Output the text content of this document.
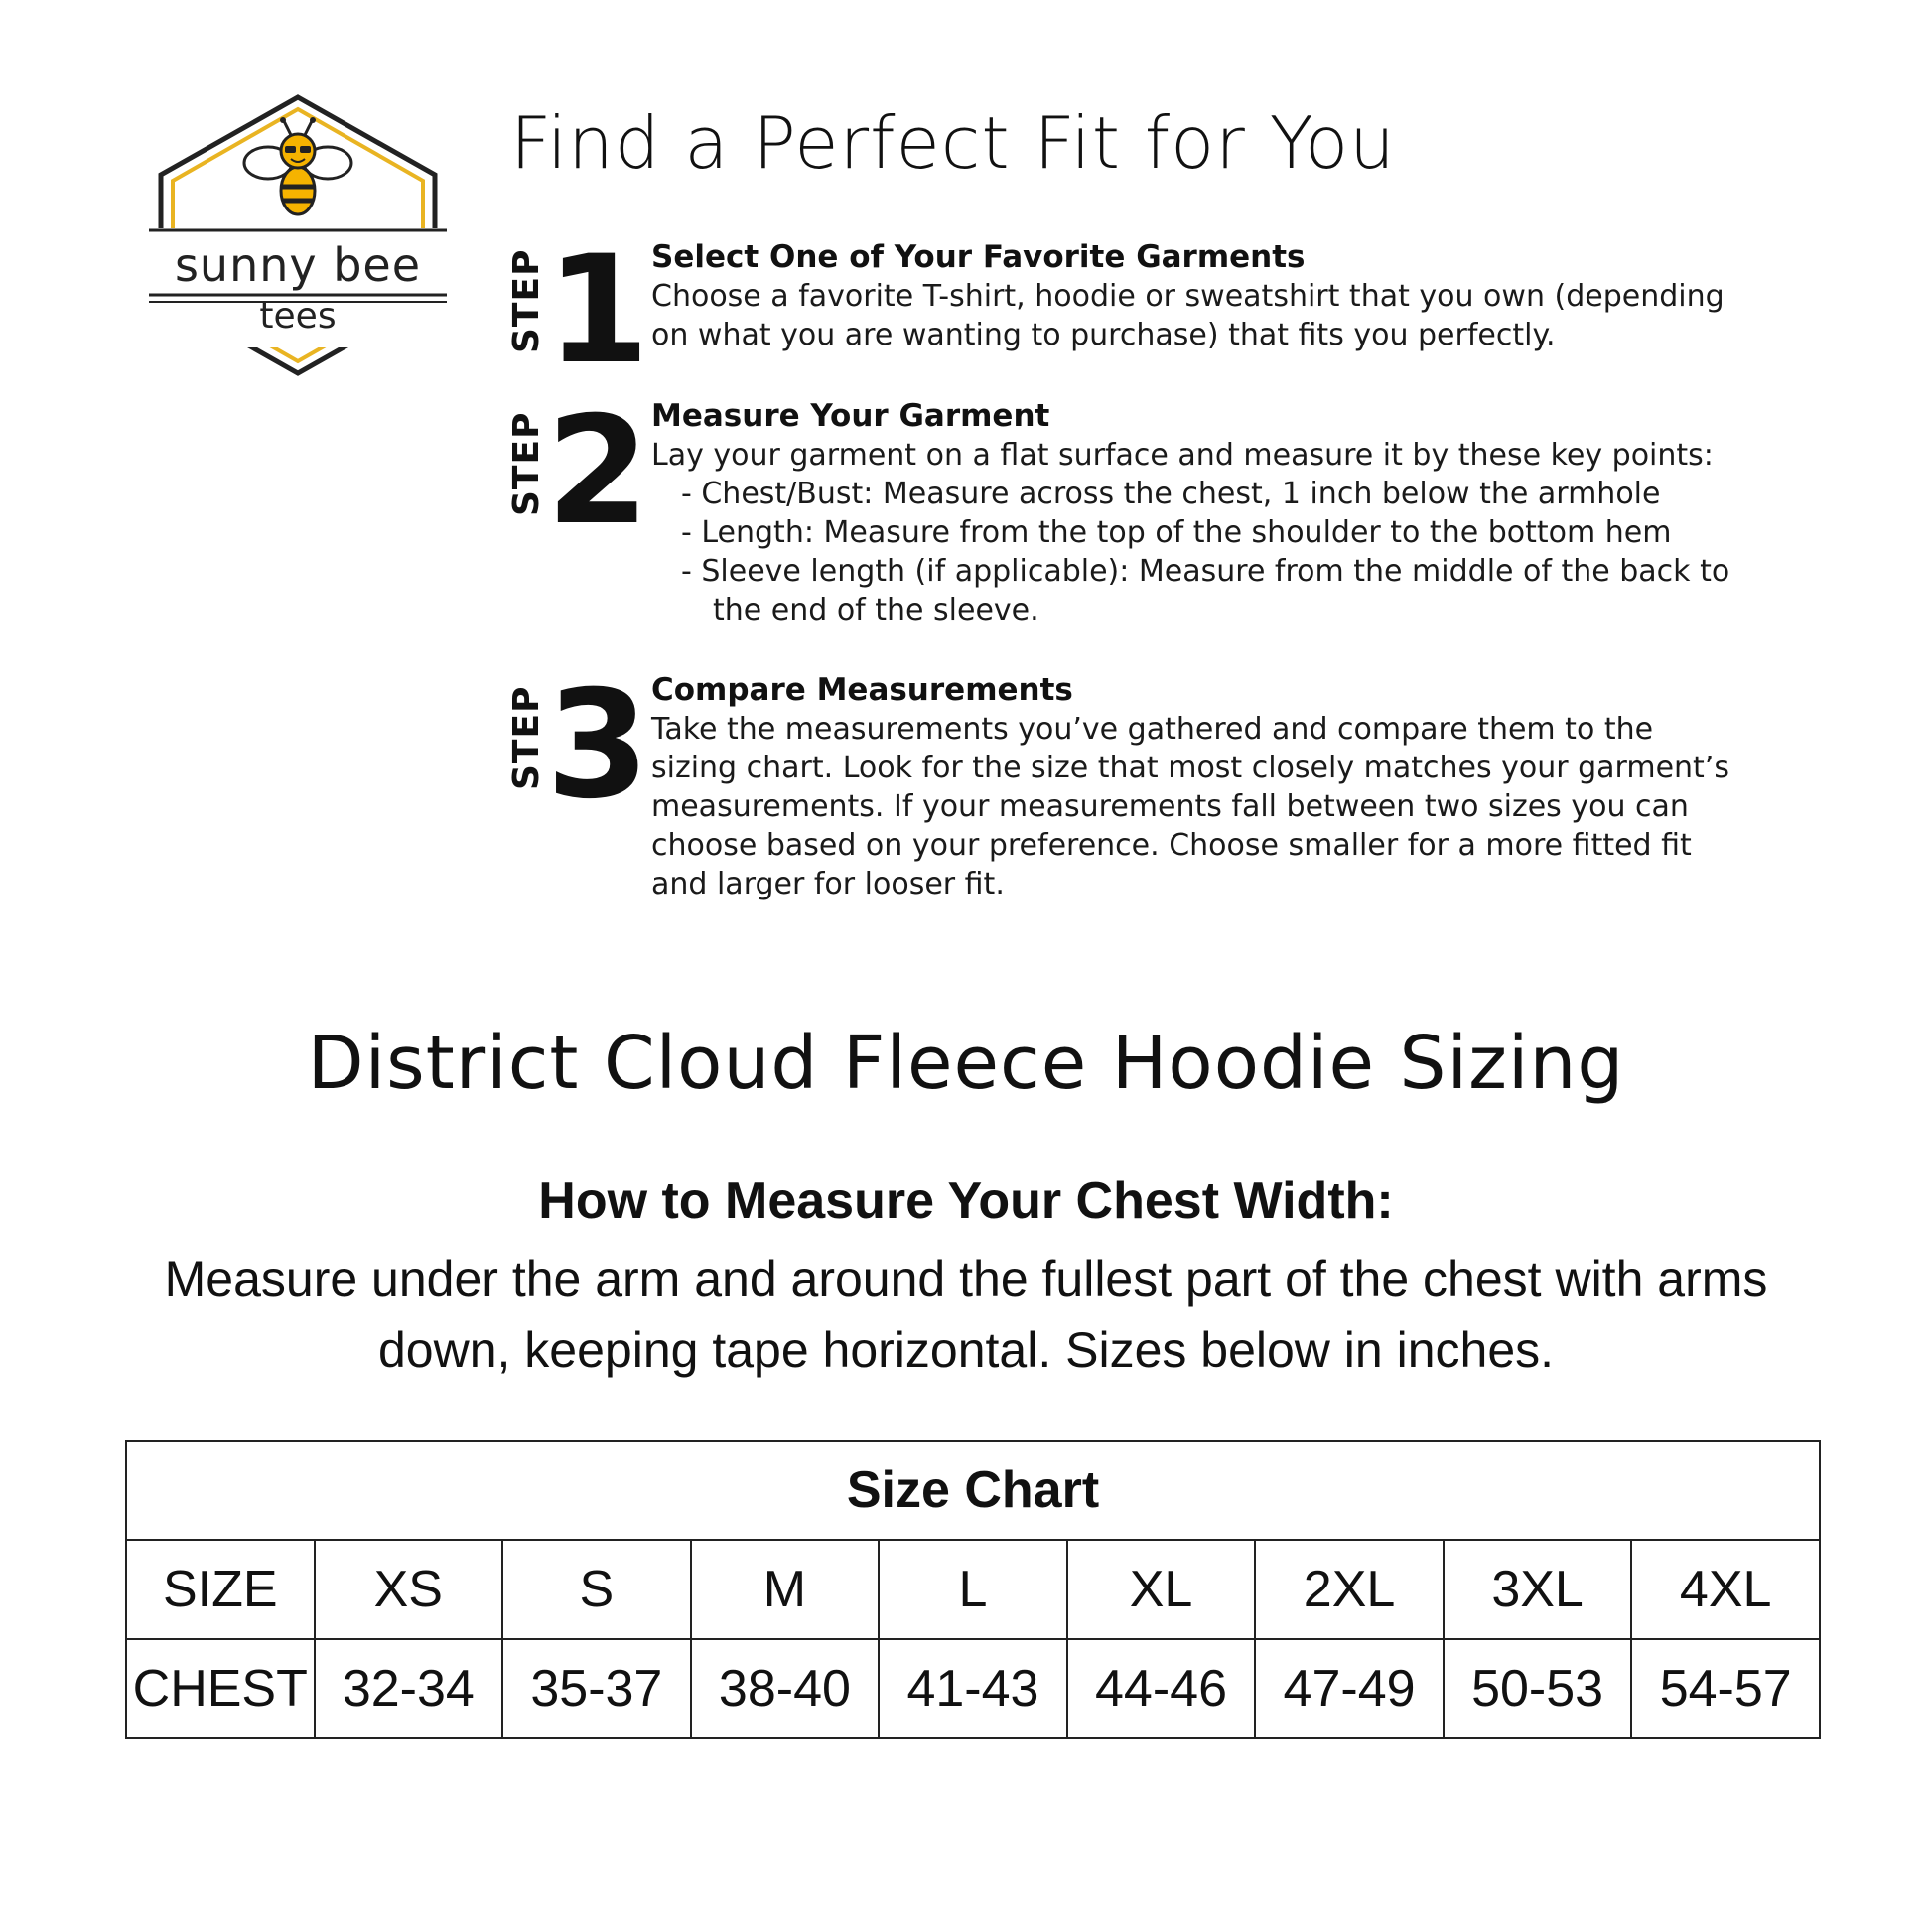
sunny bee
tees
Find a Perfect Fit for You
STEP 1 Select One of Your Favorite Garments

Choose a favorite T-shirt, hoodie or sweatshirt that you own (depending

on what you are wanting to purchase) that fits you perfectly.

STEP 2 Measure Your Garment

Lay your garment on a flat surface and measure it by these key points:

- Chest/Bust: Measure across the chest, 1 inch below the armhole

- Length: Measure from the top of the shoulder to the bottom hem

- Sleeve length (if applicable): Measure from the middle of the back to

the end of the sleeve.

STEP 3 Compare Measurements

Take the measurements you’ve gathered and compare them to the

sizing chart. Look for the size that most closely matches your garment’s

measurements. If your measurements fall between two sizes you can

choose based on your preference. Choose smaller for a more fitted fit

and larger for looser fit.

District Cloud Fleece Hoodie Sizing
How to Measure Your Chest Width:
Measure under the arm and around the fullest part of the chest with arms
down, keeping tape horizontal. Sizes below in inches.
Size Chart								
SIZE	XS	S	M	L	XL	2XL	3XL	4XL
CHEST	32-34	35-37	38-40	41-43	44-46	47-49	50-53	54-57
